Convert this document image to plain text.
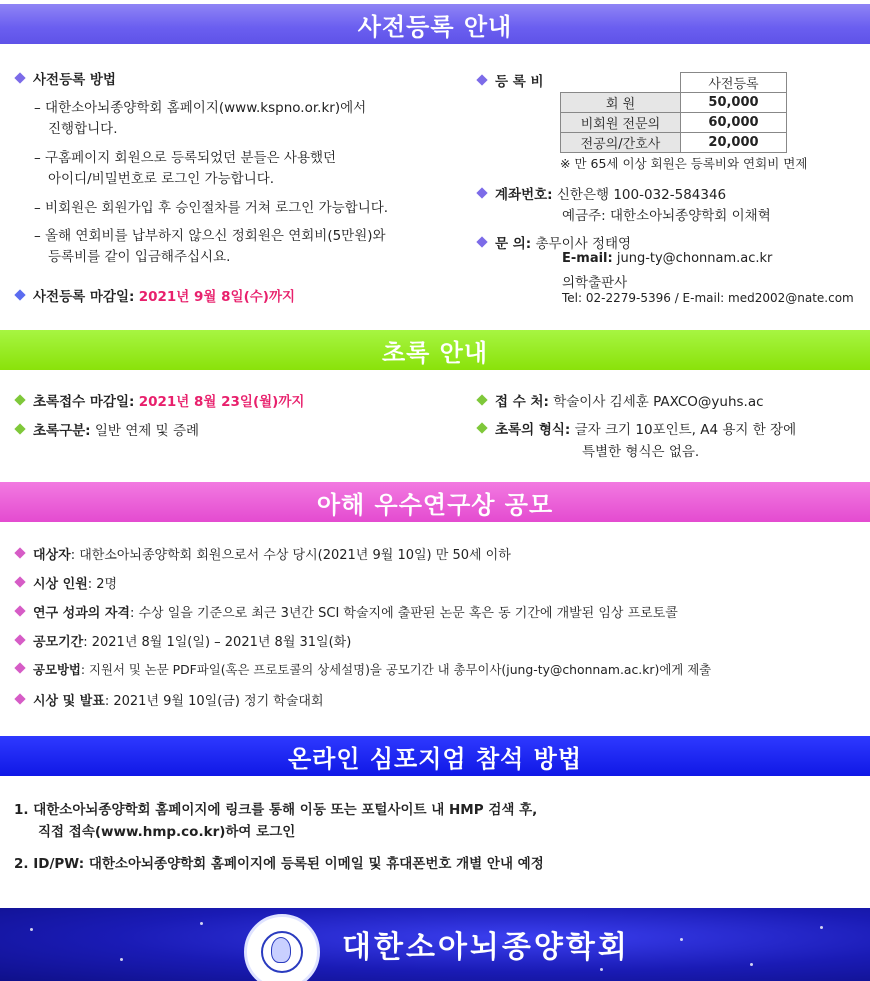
사전등록 안내
사전등록 방법
– 대한소아뇌종양학회 홈페이지(www.kspno.or.kr)에서
진행합니다.
– 구홈페이지 회원으로 등록되었던 분들은 사용했던
아이디/비밀번호로 로그인 가능합니다.
– 비회원은 회원가입 후 승인절차를 거쳐 로그인 가능합니다.
– 올해 연회비를 납부하지 않으신 정회원은 연회비(5만원)와
등록비를 같이 입금해주십시요.
사전등록 마감일: 2021년 9월 8일(수)까지
등 록 비
		사전등록
회 원	50,000
비회원 전문의	60,000
전공의/간호사	20,000
※ 만 65세 이상 회원은 등록비와 연회비 면제
계좌번호: 신한은행 100-032-584346
예금주: 대한소아뇌종양학회 이채혁
문 의: 총무이사 정태영
E-mail: jung-ty@chonnam.ac.kr
의학출판사
Tel: 02-2279-5396 / E-mail: med2002@nate.com
초록 안내
초록접수 마감일: 2021년 8월 23일(월)까지
초록구분: 일반 연제 및 증례
접 수 처: 학술이사 김세훈 PAXCO@yuhs.ac
초록의 형식: 글자 크기 10포인트, A4 용지 한 장에
특별한 형식은 없음.
아해 우수연구상 공모
대상자: 대한소아뇌종양학회 회원으로서 수상 당시(2021년 9월 10일) 만 50세 이하
시상 인원: 2명
연구 성과의 자격: 수상 일을 기준으로 최근 3년간 SCI 학술지에 출판된 논문 혹은 동 기간에 개발된 임상 프로토콜
공모기간: 2021년 8월 1일(일) – 2021년 8월 31일(화)
공모방법: 지원서 및 논문 PDF파일(혹은 프로토콜의 상세설명)을 공모기간 내 총무이사(jung-ty@chonnam.ac.kr)에게 제출
시상 및 발표: 2021년 9월 10일(금) 정기 학술대회
온라인 심포지엄 참석 방법
1. 대한소아뇌종양학회 홈페이지에 링크를 통해 이동 또는 포털사이트 내 HMP 검색 후,
직접 접속(www.hmp.co.kr)하여 로그인
2. ID/PW: 대한소아뇌종양학회 홈페이지에 등록된 이메일 및 휴대폰번호 개별 안내 예정
대한소아뇌종양학회
